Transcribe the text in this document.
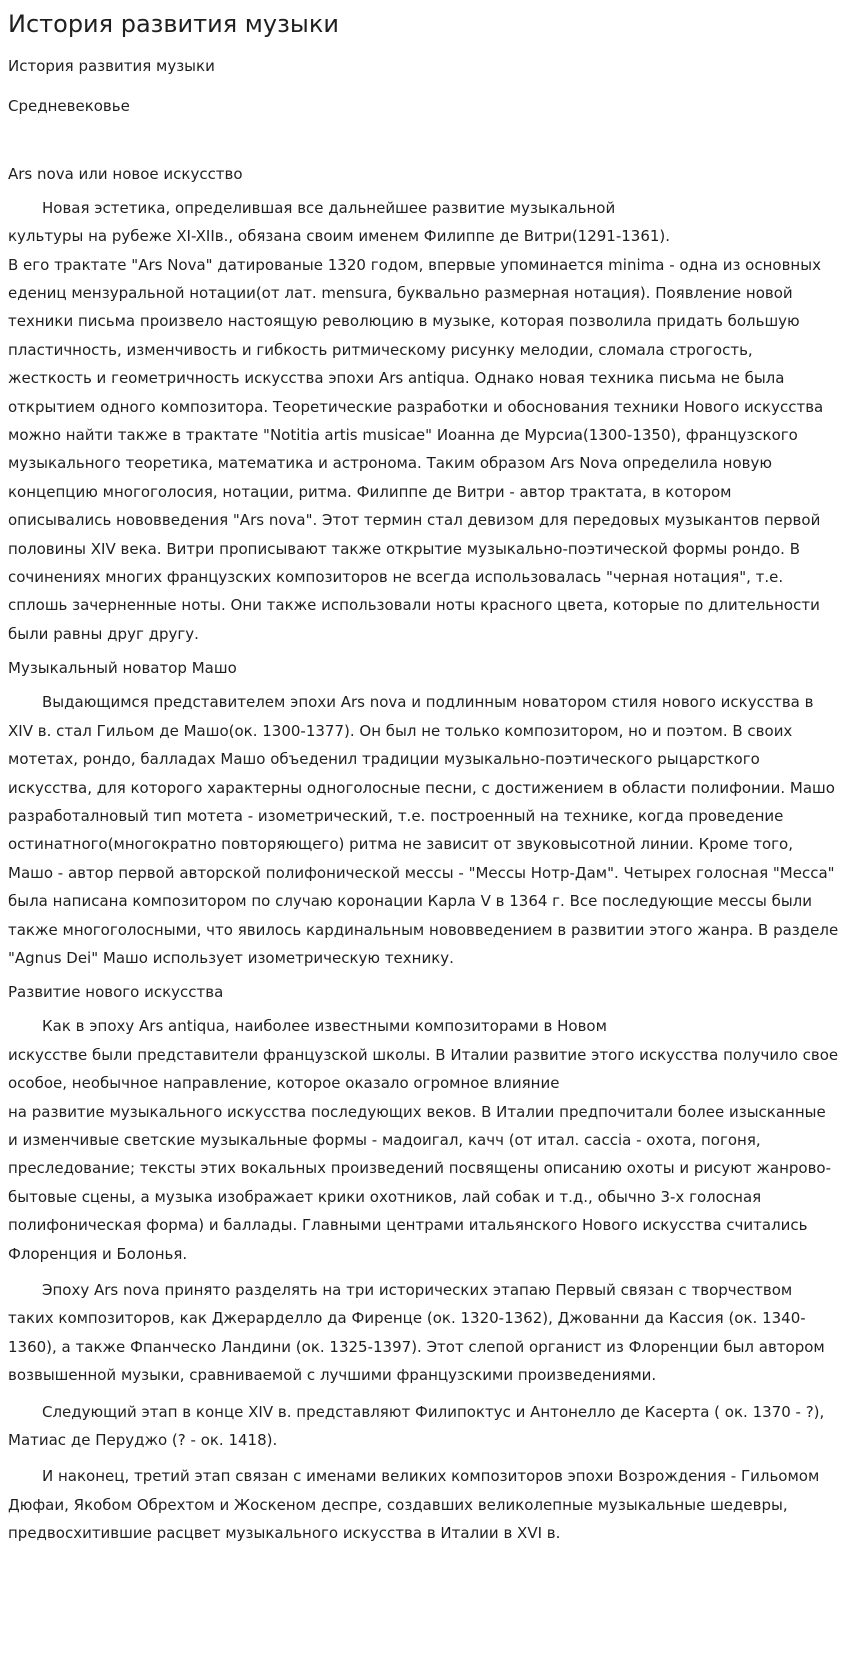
История развития музыки
История развития музыки
Средневековье
Ars nova или новое искусство

Новая эстетика, определившая все дальнейшее развитие музыкальной
культуры на рубеже XI-XIIв., обязана своим именем Филиппе де Витри(1291-1361).
В его трактате "Ars Nova" датированые 1320 годом, впервые упоминается minima - одна из основных едениц мензуральной нотации(от лат. mensura, буквально размерная нотация). Появление новой техники письма произвело настоящую революцию в музыке, которая позволила придать большую пластичность, изменчивость и гибкость ритмическому рисунку мелодии, сломала строгость, жесткость и геометричность искусства эпохи Ars antiqua. Однако новая техника письма не была открытием одного композитора. Теоретические разработки и обоснования техники Нового искусства можно найти также в трактате "Notitia artis musicae" Иоанна де Мурсиа(1300-1350), французского музыкального теоретика, математика и астронома. Таким образом Ars Nova определила новую концепцию многоголосия, нотации, ритма. Филиппе де Витри - автор трактата, в котором описывались нововведения "Ars nova". Этот термин стал девизом для передовых музыкантов первой половины XIV века. Витри прописывают также открытие музыкально-поэтической формы рондо. В сочинениях многих французских композиторов не всегда использовалась "черная нотация", т.е. сплошь зачерненные ноты. Они также использовали ноты красного цвета, которые по длительности были равны друг другу.

Музыкальный новатор Машо

Выдающимся представителем эпохи Ars nova и подлинным новатором стиля нового искусства в XIV в. стал Гильом де Машо(ок. 1300-1377). Он был не только композитором, но и поэтом. В своих мотетах, рондо, балладах Машо объеденил традиции музыкально-поэтического рыцарсткого искусства, для которого характерны одноголосные песни, с достижением в области полифонии. Машо разработалновый тип мотета - изометрический, т.е. построенный на технике, когда проведение остинатного(многократно повторяющего) ритма не зависит от звуковысотной линии. Кроме того, Машо - автор первой авторской полифонической мессы - "Мессы Нотр-Дам". Четырех голосная "Месса" была написана композитором по случаю коронации Карла V в 1364 г. Все последующие мессы были также многоголосными, что явилось кардинальным нововведением в развитии этого жанра. В разделе "Agnus Dei" Машо использует изометрическую технику.

Развитие нового искусства

Как в эпоху Ars antiqua, наиболее известными композиторами в Новом
искусстве были представители французской школы. В Италии развитие этого искусства получило свое особое, необычное направление, которое оказало огромное влияние
на развитие музыкального искусства последующих веков. В Италии предпочитали более изысканные и изменчивые светские музыкальные формы - мадоигал, качч (от итал. caccia - охота, погоня, преследование; тексты этих вокальных произведений посвящены описанию охоты и рисуют жанрово-бытовые сцены, а музыка изображает крики охотников, лай собак и т.д., обычно 3-х голосная полифоническая форма) и баллады. Главными центрами итальянского Нового искусства считались Флоренция и Болонья.

Эпоху Ars nova принято разделять на три исторических этапаю Первый связан с творчеством таких композиторов, как Джерарделло да Фиренце (ок. 1320-1362), Джованни да Кассия (ок. 1340-1360), а также Фпанческо Ландини (ок. 1325-1397). Этот слепой органист из Флоренции был автором возвышенной музыки, сравниваемой с лучшими французскими произведениями.

Следующий этап в конце XIV в. представляют Филипоктус и Антонелло де Касерта ( ок. 1370 - ?), Матиас де Перуджо (? - ок. 1418).

И наконец, третий этап связан с именами великих композиторов эпохи Возрождения - Гильомом Дюфаи, Якобом Обрехтом и Жоскеном деспре, создавших великолепные музыкальные шедевры, предвосхитившие расцвет музыкального искусства в Италии в XVI в.
